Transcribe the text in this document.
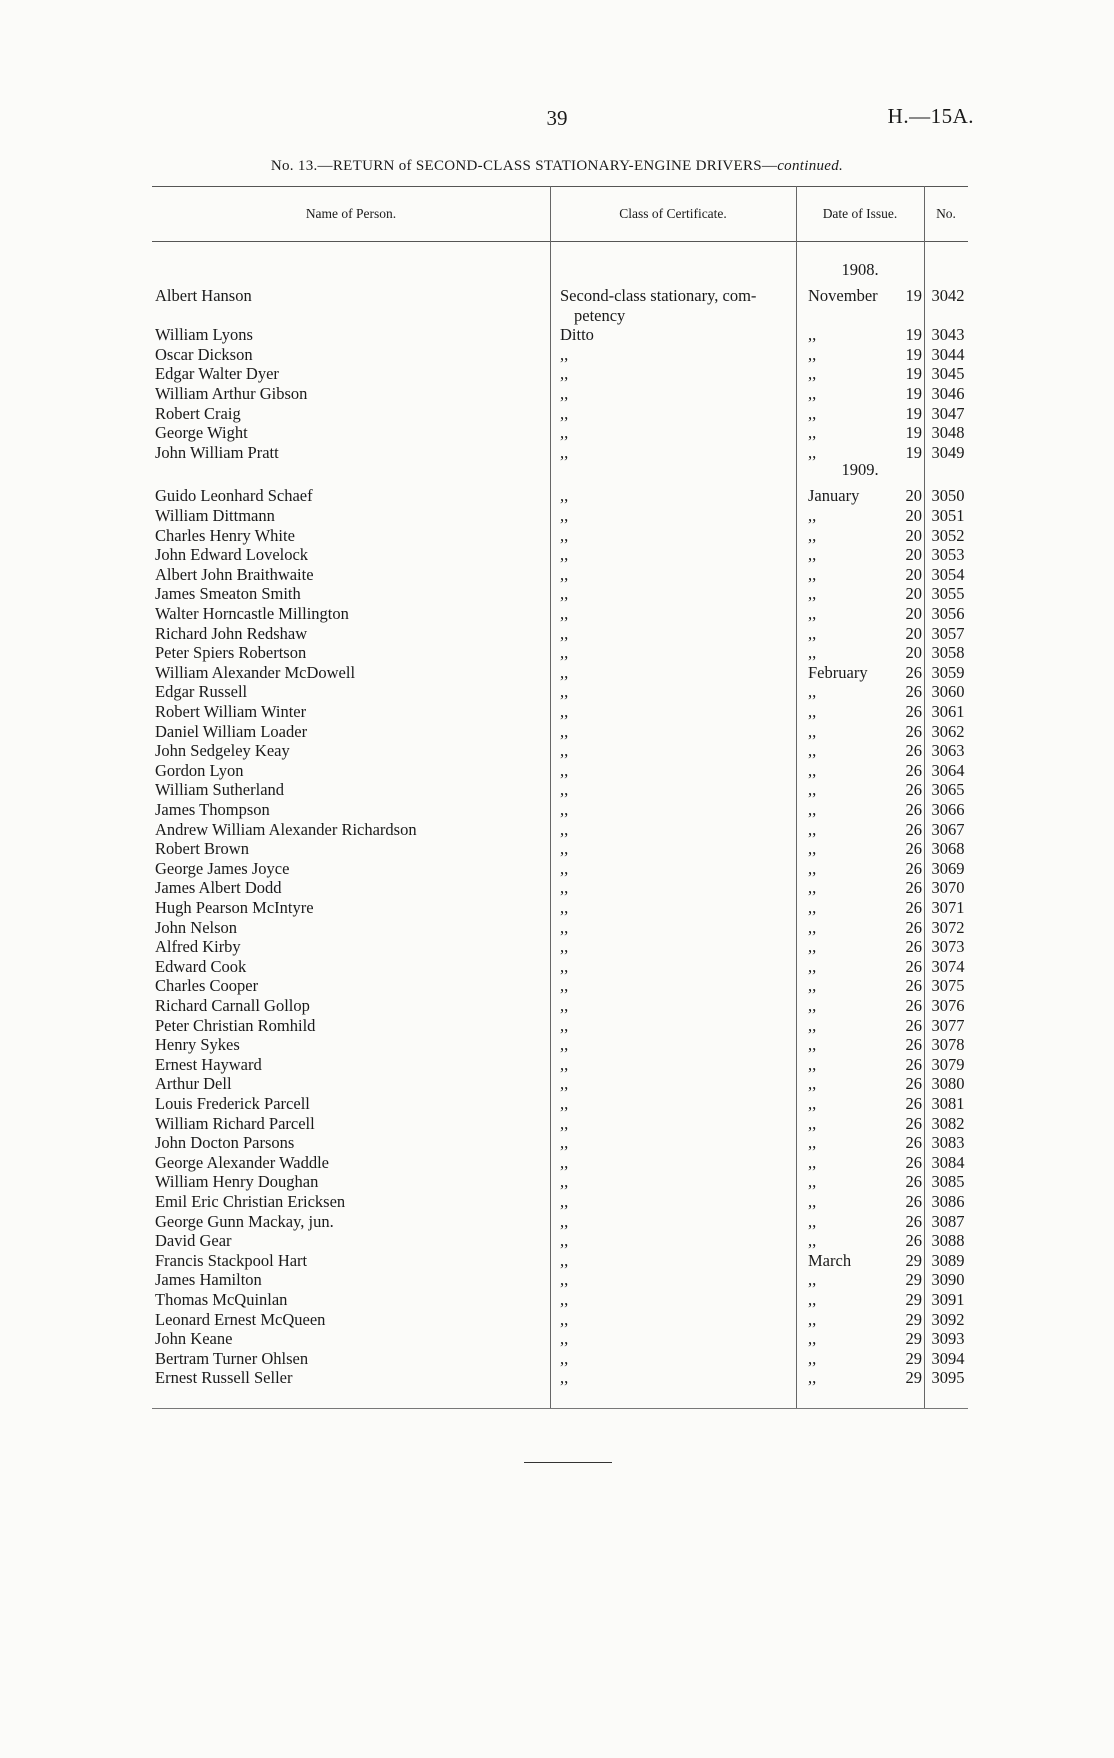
39	H.—15A.
No. 13.—RETURN of SECOND-CLASS STATIONARY-ENGINE DRIVERS—continued.
Name of Person.	Class of Certificate.	Date of Issue.	No.
1908.
Albert Hanson	Second-class stationary, com-	November	19 3042
petency
William Lyons	Ditto	,,	19 3043
Oscar Dickson	,,	,,	19 3044
Edgar Walter Dyer	,,	,,	19 3045
William Arthur Gibson	,,	,,	19 3046
Robert Craig	,,	,,	19 3047
George Wight	,,	,,	19 3048
John William Pratt	,,	,,	19 3049
1909.
Guido Leonhard Schaef	,,	January	20 3050
William Dittmann	,,	,,	20 3051
Charles Henry White	,,	,,	20 3052
John Edward Lovelock	,,	,,	20 3053
Albert John Braithwaite	,,	,,	20 3054
James Smeaton Smith	,,	,,	20 3055
Walter Horncastle Millington	,,	,,	20 3056
Richard John Redshaw	,,	,,	20 3057
Peter Spiers Robertson	,,	,,	20 3058
William Alexander McDowell	,,	February	26 3059
Edgar Russell	,,	,,	26 3060
Robert William Winter	,,	,,	26 3061
Daniel William Loader	,,	,,	26 3062
John Sedgeley Keay	,,	,,	26 3063
Gordon Lyon	,,	,,	26 3064
William Sutherland	,,	,,	26 3065
James Thompson	,,	,,	26 3066
Andrew William Alexander Richardson	,,	,,	26 3067
Robert Brown	,,	,,	26 3068
George James Joyce	,,	,,	26 3069
James Albert Dodd	,,	,,	26 3070
Hugh Pearson McIntyre	,,	,,	26 3071
John Nelson	,,	,,	26 3072
Alfred Kirby	,,	,,	26 3073
Edward Cook	,,	,,	26 3074
Charles Cooper	,,	,,	26 3075
Richard Carnall Gollop	,,	,,	26 3076
Peter Christian Romhild	,,	,,	26 3077
Henry Sykes	,,	,,	26 3078
Ernest Hayward	,,	,,	26 3079
Arthur Dell	,,	,,	26 3080
Louis Frederick Parcell	,,	,,	26 3081
William Richard Parcell	,,	,,	26 3082
John Docton Parsons	,,	,,	26 3083
George Alexander Waddle	,,	,,	26 3084
William Henry Doughan	,,	,,	26 3085
Emil Eric Christian Ericksen	,,	,,	26 3086
George Gunn Mackay, jun.	,,	,,	26 3087
David Gear	,,	,,	26 3088
Francis Stackpool Hart	,,	March	29 3089
James Hamilton	,,	,,	29 3090
Thomas McQuinlan	,,	,,	29 3091
Leonard Ernest McQueen	,,	,,	29 3092
John Keane	,,	,,	29 3093
Bertram Turner Ohlsen	,,	,,	29 3094
Ernest Russell Seller	,,	,,	29 3095
